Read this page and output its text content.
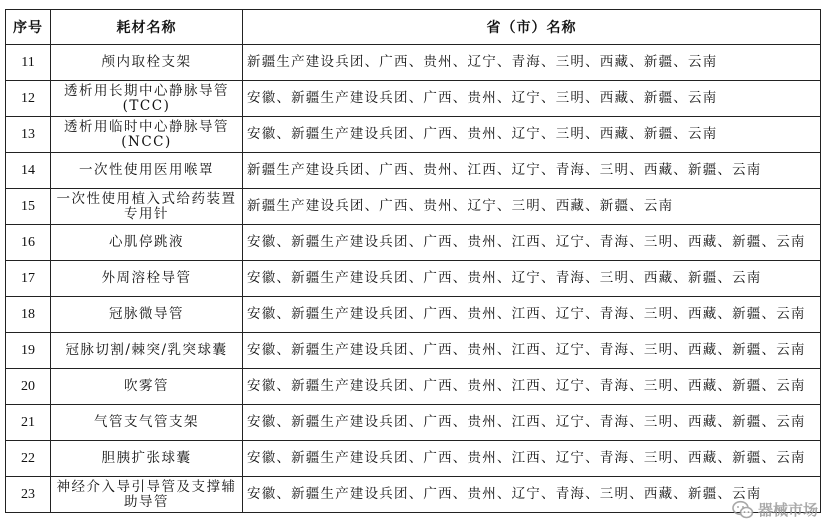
序号	耗材名称	省（市）名称
11	颅内取栓支架	新疆生产建设兵团、广西、贵州、辽宁、青海、三明、西藏、新疆、云南
12	透析用长期中心静脉导管(TCC)	安徽、新疆生产建设兵团、广西、贵州、辽宁、三明、西藏、新疆、云南
13	透析用临时中心静脉导管(NCC)	安徽、新疆生产建设兵团、广西、贵州、辽宁、三明、西藏、新疆、云南
14	一次性使用医用喉罩	新疆生产建设兵团、广西、贵州、江西、辽宁、青海、三明、西藏、新疆、云南
15	一次性使用植入式给药装置专用针	新疆生产建设兵团、广西、贵州、辽宁、三明、西藏、新疆、云南
16	心肌停跳液	安徽、新疆生产建设兵团、广西、贵州、江西、辽宁、青海、三明、西藏、新疆、云南
17	外周溶栓导管	安徽、新疆生产建设兵团、广西、贵州、辽宁、青海、三明、西藏、新疆、云南
18	冠脉微导管	安徽、新疆生产建设兵团、广西、贵州、江西、辽宁、青海、三明、西藏、新疆、云南
19	冠脉切割/棘突/乳突球囊	安徽、新疆生产建设兵团、广西、贵州、江西、辽宁、青海、三明、西藏、新疆、云南
20	吹雾管	安徽、新疆生产建设兵团、广西、贵州、江西、辽宁、青海、三明、西藏、新疆、云南
21	气管支气管支架	安徽、新疆生产建设兵团、广西、贵州、江西、辽宁、青海、三明、西藏、新疆、云南
22	胆胰扩张球囊	安徽、新疆生产建设兵团、广西、贵州、江西、辽宁、青海、三明、西藏、新疆、云南
23	神经介入导引导管及支撑辅助导管	安徽、新疆生产建设兵团、广西、贵州、辽宁、青海、三明、西藏、新疆、云南
器械市场
